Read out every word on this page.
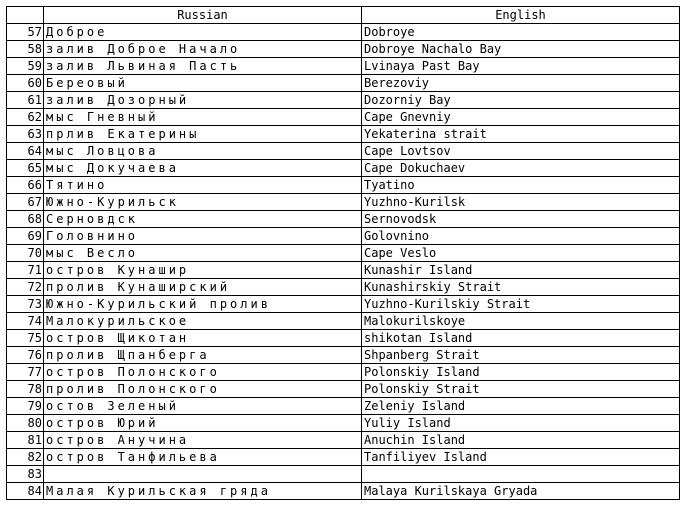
	Russian	English
57	Доброе	Dobroye
58	залив Доброе Начало	Dobroye Nachalo Bay
59	залив Львиная Пасть	Lvinaya Past Bay
60	Береовый	Berezoviy
61	залив Дозорный	Dozorniy Bay
62	мыс Гневный	Cape Gnevniy
63	прлив Екатерины	Yekaterina strait
64	мыс Ловцова	Cape Lovtsov
65	мыс Докучаева	Cape Dokuchaev
66	Тятино	Tyatino
67	Южно-Курильск	Yuzhno-Kurilsk
68	Серновдск	Sernovodsk
69	Головнино	Golovnino
70	мыс Весло	Cape Veslo
71	остров Кунашир	Kunashir Island
72	пролив Кунаширский	Kunashirskiy Strait
73	Южно-Курильский пролив	Yuzhno-Kurilskiy Strait
74	Малокурильское	Malokurilskoye
75	остров Щикотан	shikotan Island
76	пролив Щпанберга	Shpanberg Strait
77	остров Полонского	Polonskiy Island
78	пролив Полонского	Polonskiy Strait
79	остов Зеленый	Zeleniy Island
80	остров Юрий	Yuliy Island
81	остров Анучина	Anuchin Island
82	остров Танфильева	Tanfiliyev Island
83		
84	Малая Курильская гряда	Malaya Kurilskaya Gryada
